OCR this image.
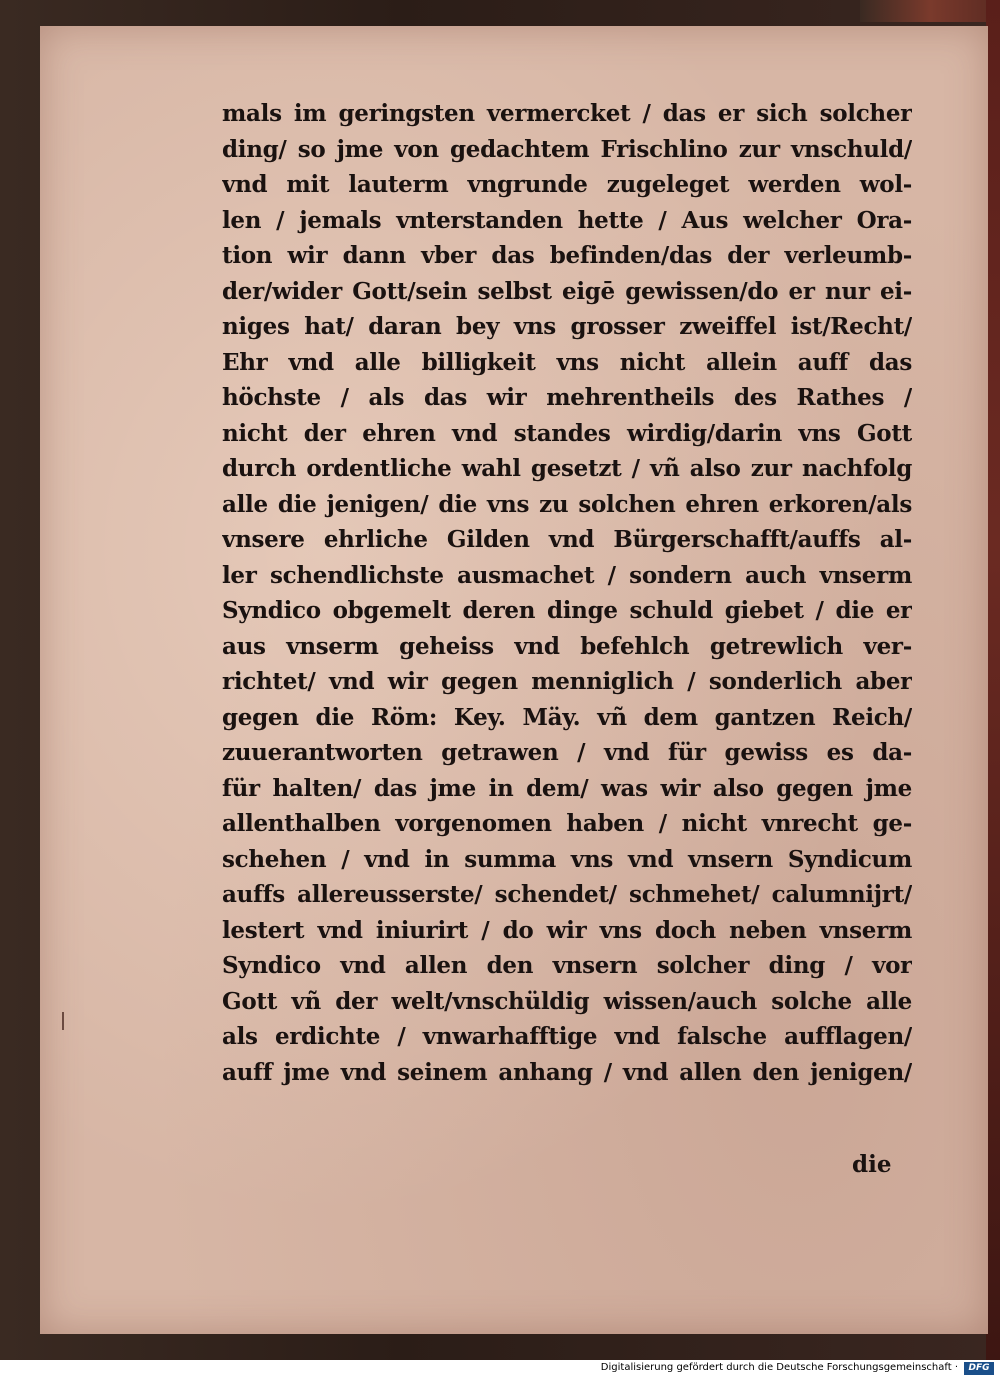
mals im geringsten vermercket / das er sich solcher
ding/ so jme von gedachtem Frischlino zur vnschuld/
vnd mit lauterm vngrunde zugeleget werden wol-
len / jemals vnterstanden hette / Aus welcher Ora-
tion wir dann vber das befinden/das der verleumb-
der/wider Gott/sein selbst eigē gewissen/do er nur ei-
niges hat/ daran bey vns grosser zweiffel ist/Recht/
Ehr vnd alle billigkeit vns nicht allein auff das
höchste / als das wir mehrentheils des Rathes /
nicht der ehren vnd standes wirdig/darin vns Gott
durch ordentliche wahl gesetzt / vñ also zur nachfolg
alle die jenigen/ die vns zu solchen ehren erkoren/als
vnsere ehrliche Gilden vnd Bürgerschafft/auffs al-
ler schendlichste ausmachet / sondern auch vnserm
Syndico obgemelt deren dinge schuld giebet / die er
aus vnserm geheiss vnd befehlch getrewlich ver-
richtet/ vnd wir gegen menniglich / sonderlich aber
gegen die Röm: Key. Mäy. vñ dem gantzen Reich/
zuuerantworten getrawen / vnd für gewiss es da-
für halten/ das jme in dem/ was wir also gegen jme
allenthalben vorgenomen haben / nicht vnrecht ge-
schehen / vnd in summa vns vnd vnsern Syndicum
auffs allereusserste/ schendet/ schmehet/ calumnijrt/
lestert vnd iniurirt / do wir vns doch neben vnserm
Syndico vnd allen den vnsern solcher ding / vor
Gott vñ der welt/vnschüldig wissen/auch solche alle
als erdichte / vnwarhafftige vnd falsche aufflagen/
auff jme vnd seinem anhang / vnd allen den jenigen/
die
Digitalisierung gefördert durch die Deutsche Forschungsgemeinschaft ·	DFG
